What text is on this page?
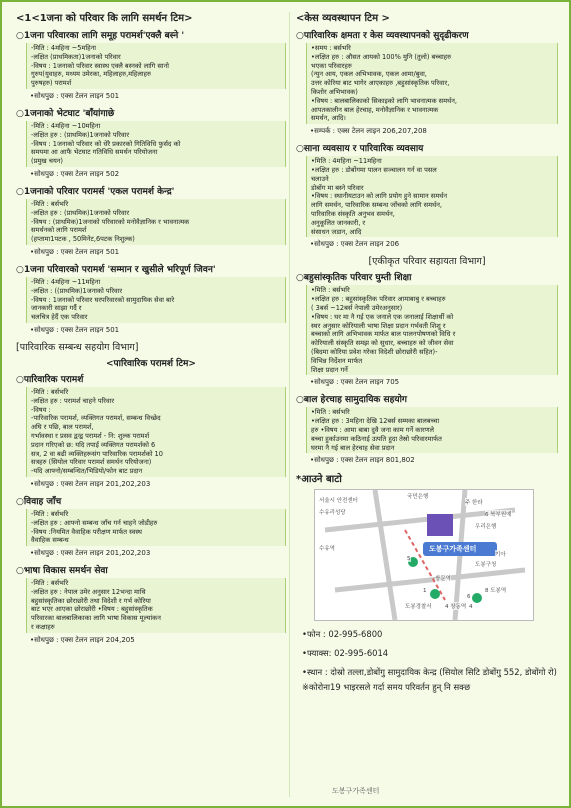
<1<1जना को परिवार कि लागि समर्थन टिम>
○1जना परिवारका लागि समूह परामर्श'एक्लै बस्ने '

-मिति : 4महिना ~5महिना

-लक्षित (प्राथमिकता)1जनाको परिवार

-विषय : 1जनाको परिवार स्वास्थ एक्लै बस्नको लागि सानो

गुरुप(युवाहरु, मध्यम उमेरका, महिलाहरु,महिलाहरु

पुरुषहरु) परामर्श

•सोधपुछ : एक्स टेलन लाइन 501
○1जनाको भेटघाट 'बाँयांगाछे

-मिति : 4महिना ~10महिना

-लक्षित हरु : (प्राथमिक)1जनाको परिवार

-विषय : 1जनाको परिवार को धेरै प्रकारको गितिविधि फुर्सद को

समयमा आ आफै भेटघाट गतिविधि समर्थन परियोजना

(प्रमुख चयन)

•सोधपुछ : एक्स टेलन लाइन 502
○1जनाको परिवार परामर्स 'एकल परामर्श केन्द्र'

-मिति : बर्सभरि

-लक्षित हरु : (प्राथमिक)1जनाको परिवार

-विषय : (प्राथमिक)1जनाको परिवारको मनोवैज्ञानिक र भावनात्मक

समर्थनको लागि परामर्श

(हप्तामा1पटक , 50मिनेट,6पटक निशुल्क)

•सोधपुछ : एक्स टेलन लाइन 501
○1जना परिवारको परामर्श 'सम्मान र खुसीले भरिपूर्ण जिवन'

-मिति : 4महिना ~11महिना

-लक्षित : ((प्राथमिक)1जनाको परिवार

-विषय : 1जनाको परिवार घरपरिवारको सामुदायिक सेवा बारे

जानकारी साझा गर्दै र

चलचित्र हेर्दै एक परिवार

•सोधपुछ : एक्स टेलन लाइन 501
[पारिवारिक सम्बन्ध सहयोग विभाग]
<पारिवारिक परामर्श टिम>
○पारिवारिक परामर्श

-मिति : बर्सभरि

-लक्षित हरु : परामर्श चाहने परिवार

-विषय :

-पारिवारिक परामर्श, व्यक्तिगत परामर्श, सम्बन्ध विच्छेद

अघि र पछि, बाल परामर्श,

गर्भावस्था र प्रसव द्वन्द्व परामर्श - नि: शुल्क परामर्श

प्रदान गरिएको छ: यदि तपाईं व्यक्तिगत परामर्शको 6

सत्र, 2 वा बढी व्यक्तिहरूसंग पारिवारिक परामर्शको 10

सत्रहरु (सियोल परिवार परामर्श समर्थन परियोजना)

-यदि आफ्नो/सम्बन्धित/भिडियो/फोन बाट प्रदान

•सोधपुछ : एक्स टेलन लाइन 201,202,203
○विवाह जाँच

-मिति : बर्सभरि

-लक्षित हरु : आफ्नो सम्बन्ध जाँच गर्न चाहने जोडीहरु

-विषय :नियमित वैवाहिक परीक्षण मार्फत स्वस्थ

वैवाहिक सम्बन्ध

•सोधपुछ : एक्स टेलन लाइन 201,202,203
○भाषा विकास समर्थन सेवा

-मिति : बर्सभरि

-लक्षित हरु : नेपाल उमेर अनुसार 12भन्दा माथि

बहुसांस्कृतिका छोराछोरी तथा विदेशी र गर्भ कोरिया

बाट भएर आएका छोराछोरी •विषय : बहुसांस्कृतिक

परिवारका बालबालिकाका लागि भाषा विकास मूल्यांकन

र कक्षाहरु

•सोधपुछ : एक्स टेलन लाइन 204,205
<केस व्यवस्थापन टिम >
○पारिवारिक क्षमता र केस व्यवस्थापनको सुदृढीकरण

•समय : बर्सभरि

•लक्षित हरु : औसत आयको 100% मुनि (तुलो) बच्चाहरु

भएका परिवारहरु

(न्युन आय, एकल अभिभावक, एकल आमा/बुवा,

उत्तर कोरिया बाट भागेर आएकाहरु ,बहुसांस्कृतिक परिवार,

किशोर अभिभावक)

•विषय : बालबालिकाको सिकाइको लागि भावनात्मक समर्थन,

आपतकालीन बाल हेरचाह, मनोवैज्ञानिक र भावनात्मक

समर्थन, आदि।

•सम्पर्क : एक्स टेलन लाइन 206,207,208
○साना व्यवसाय र पारिवारिक व्यवसाय

•मिति : 4महिना ~11महिना

•लक्षित हरु : डोबोंगमा पालन सञ्चालन गर्न वा पसल

चलाउने

डोबोंग मा बस्ने परिवार

•विषय : स्थानीयटाउन को लागि प्रयोग हुने सामान समर्थन

लागि समर्थन, पारिवारिक सम्बन्ध जाँचको लागि समर्थन,

पारिवारिक संस्कृति अनुभव समर्थन,

अनुकूलित जानकारी, र

संसाधन जडान, आदि

•सोधपुछ : एक्स टेलन लाइन 206
[एकीकृत परिवार सहायता विभाग]
○बहुसांस्कृतिक परिवार घुम्ती शिक्षा

•मिति : बर्सभरि

•लक्षित हरु : बहुसांस्कृतिक परिवार आमाबाबु र बच्चाहरु

( 3बर्स ~12बर्स नेपाली उमेरअनुसार)

•विषय : घर मा नै गई एक जनाले एक जनालाई शिक्षार्थी को

स्थर अनुसार कोरियाली भाषा शिक्षा प्रदान गर्भवती शिशु र

बच्चाको लागि अभिभावक मार्फत बाल पालनपोषणको विधि र

कोरियाली संस्कृति समझ को सुधार, बच्चाहरु को जीवन सेवा

(बिदमा कोरिया प्रवेश गरेका विदेशी छोराछोरी सहित)-

विभिन्न निर्देशन मार्फत

शिक्षा प्रदान गर्ने

•सोधपुछ : एक्स टेलन लाइन 705
○बाल हेरचाह सामुदायिक सहयोग

•मिति : बर्सभरि

•लक्षित हरु : 3महिना देखि 12बर्स सम्मका बालबच्चा

हरु •विषय : आमा बाबा दुवै जना काम गर्ने कारणले

बच्चा हुर्काउनमा कठिनाई उत्पति हुदा तेस्रो परिवारमार्फत

घरमा नै गई बाल हेरचाह सेवा प्रदान

•सोधपुछ : एक्स टेलन लाइन 801,802
*आउने बाटो
국민은행
주 한라
서울시 안전센터
수유리성당
수유역
우리은행
쌍문역
8 도봉역
4 창동역
6 북부원예
도봉구청
도봉경찰서
기아
5
1
6
4
도봉구가족센터
•फोन : 02-995-6800
•फ्याक्स: 02-995-6014
•स्थान : दोस्रो तल्ला,डोबोंगु सामुदायिक केन्द्र (सियोल सिटि डोबोंगु 552, डोबोंगो रो)
※कोरोना19 भाइरसले गर्दा समय परिवर्तन हुन् नि सक्छ
도봉구가족센터
